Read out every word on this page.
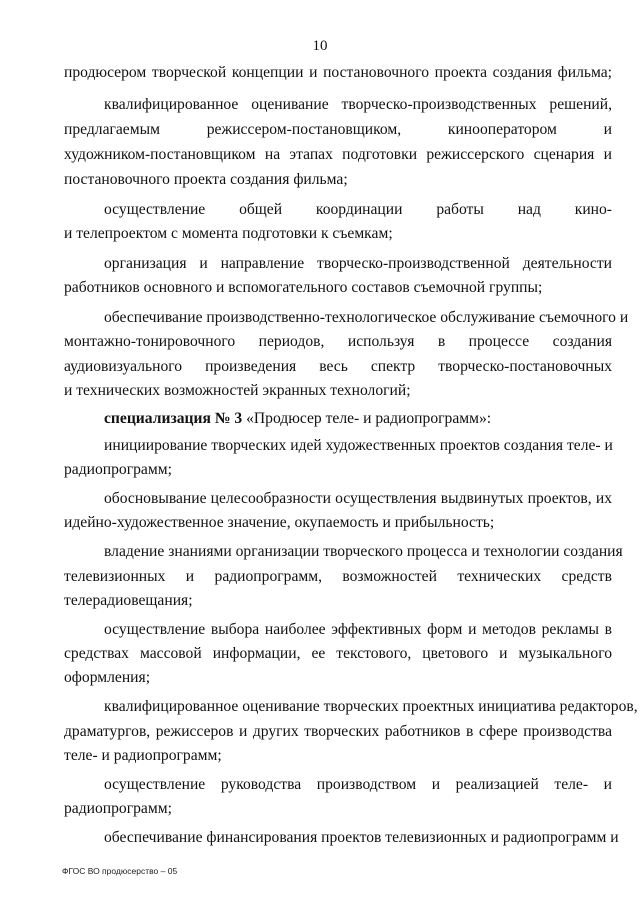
10
продюсером творческой концепции и постановочного проекта создания фильма;
квалифицированное оценивание творческо-производственных решений,
предлагаемым режиссером-постановщиком, кинооператором и
художником-постановщиком на этапах подготовки режиссерского сценария и
постановочного проекта создания фильма;
осуществление общей координации работы над кино-
и телепроектом с момента подготовки к съемкам;
организация и направление творческо-производственной деятельности
работников основного и вспомогательного составов съемочной группы;
обеспечивание производственно-технологическое обслуживание съемочного и
монтажно-тонировочного периодов, используя в процессе создания
аудиовизуального произведения весь спектр творческо-постановочных
и технических возможностей экранных технологий;
специализация № 3 «Продюсер теле- и радиопрограмм»:
инициирование творческих идей художественных проектов создания теле- и
радиопрограмм;
обосновывание целесообразности осуществления выдвинутых проектов, их
идейно-художественное значение, окупаемость и прибыльность;
владение знаниями организации творческого процесса и технологии создания
телевизионных и радиопрограмм, возможностей технических средств
телерадиовещания;
осуществление выбора наиболее эффективных форм и методов рекламы в
средствах массовой информации, ее текстового, цветового и музыкального
оформления;
квалифицированное оценивание творческих проектных инициатива редакторов,
драматургов, режиссеров и других творческих работников в сфере производства
теле- и радиопрограмм;
осуществление руководства производством и реализацией теле- и
радиопрограмм;
обеспечивание финансирования проектов телевизионных и радиопрограмм и
ФГОС ВО продюсерство – 05
